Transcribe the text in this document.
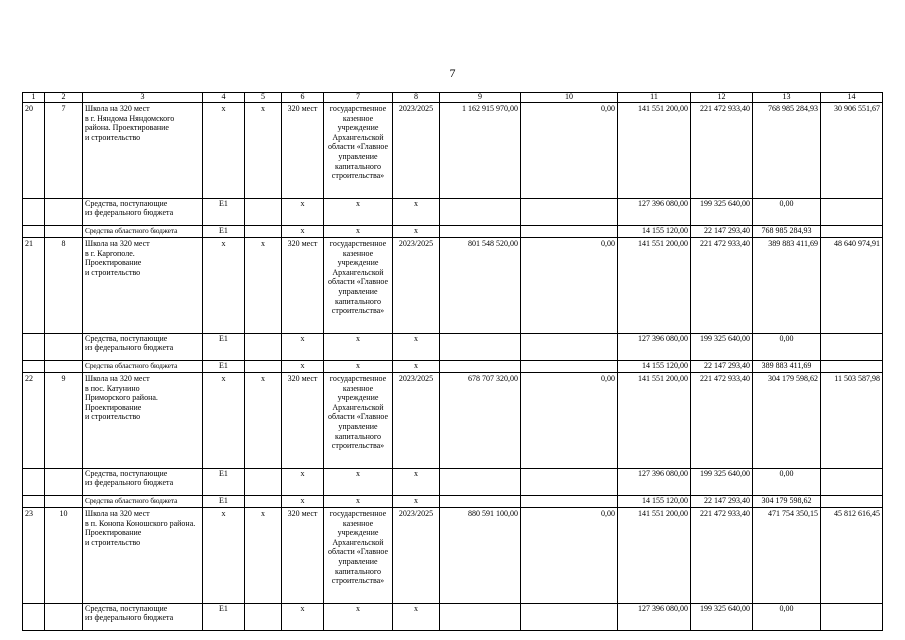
7
1	2	3	4	5	6	7	8	9	10	11	12	13	14
20	7	Школа на 320 мест
в г. Няндома Няндомского района. Проектирование
и строительство	х	х	320 мест	государственное казенное учреждение Архангельской области «Главное управление капитального строительства»	2023/2025	1 162 915 970,00	0,00	141 551 200,00	221 472 933,40	768 985 284,93	30 906 551,67
		Средства, поступающие
из федерального бюджета	Е1		х	х	х			127 396 080,00	199 325 640,00	0,00	
		Средства областного бюджета	Е1		х	х	х			14 155 120,00	22 147 293,40	768 985 284,93	
21	8	Школа на 320 мест
в г. Каргополе.
Проектирование
и строительство	х	х	320 мест	государственное казенное учреждение Архангельской области «Главное управление капитального строительства»	2023/2025	801 548 520,00	0,00	141 551 200,00	221 472 933,40	389 883 411,69	48 640 974,91
		Средства, поступающие
из федерального бюджета	Е1		х	х	х			127 396 080,00	199 325 640,00	0,00	
		Средства областного бюджета	Е1		х	х	х			14 155 120,00	22 147 293,40	389 883 411,69	
22	9	Школа на 320 мест
в пос. Катунино
Приморского района.
Проектирование
и строительство	х	х	320 мест	государственное казенное учреждение Архангельской области «Главное управление капитального строительства»	2023/2025	678 707 320,00	0,00	141 551 200,00	221 472 933,40	304 179 598,62	11 503 587,98
		Средства, поступающие
из федерального бюджета	Е1		х	х	х			127 396 080,00	199 325 640,00	0,00	
		Средства областного бюджета	Е1		х	х	х			14 155 120,00	22 147 293,40	304 179 598,62	
23	10	Школа на 320 мест
в п. Конопа Коношского района. Проектирование
и строительство	х	х	320 мест	государственное казенное учреждение Архангельской области «Главное управление капитального строительства»	2023/2025	880 591 100,00	0,00	141 551 200,00	221 472 933,40	471 754 350,15	45 812 616,45
		Средства, поступающие
из федерального бюджета	Е1		х	х	х			127 396 080,00	199 325 640,00	0,00	
